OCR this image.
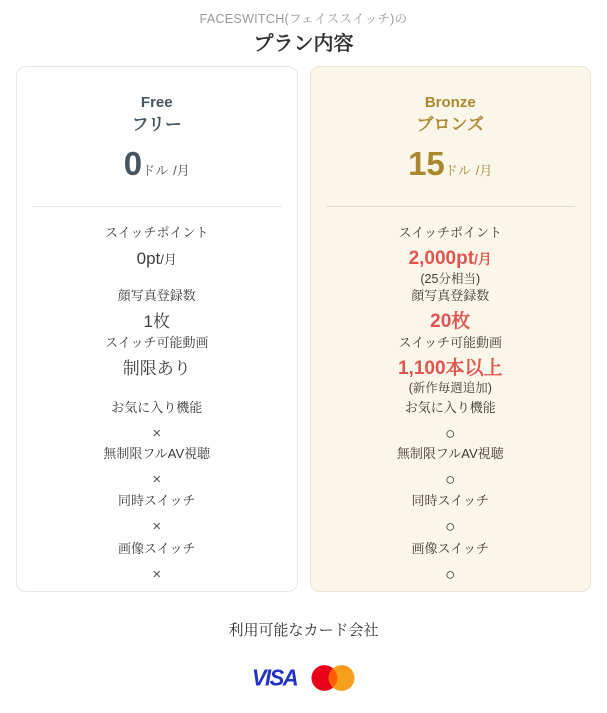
FACESWITCH(フェイススイッチ)の
プラン内容
Free
フリー
0ドル /月
スイッチポイント
0pt/月
顔写真登録数
1枚
スイッチ可能動画
制限あり
お気に入り機能
×
無制限フルAV視聴
×
同時スイッチ
×
画像スイッチ
×
Bronze
ブロンズ
15ドル /月
スイッチポイント
2,000pt/月
(25分相当)
顔写真登録数
20枚
スイッチ可能動画
1,100本以上
(新作毎週追加)
お気に入り機能
○
無制限フルAV視聴
○
同時スイッチ
○
画像スイッチ
○
利用可能なカード会社
VISA
